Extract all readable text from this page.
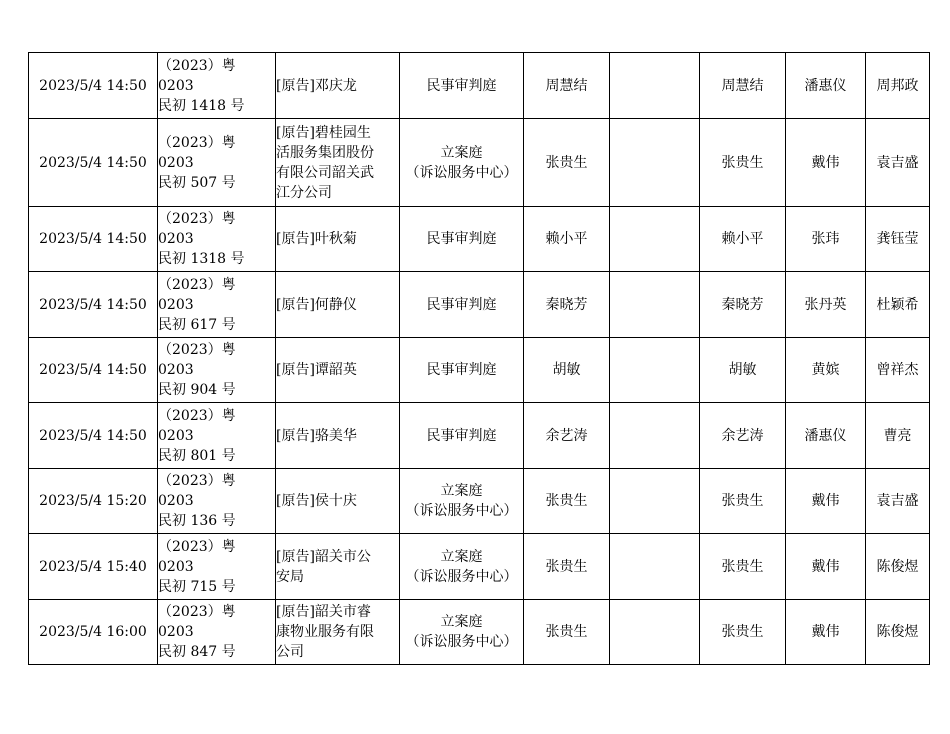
2023/5/4 14:50	（2023）粤 0203
民初 1418 号	[原告]邓庆龙	民事审判庭	周慧结		周慧结	潘惠仪	周邦政
2023/5/4 14:50	（2023）粤 0203
民初 507 号	[原告]碧桂园生
活服务集团股份
有限公司韶关武
江分公司	立案庭
（诉讼服务中心）	张贵生		张贵生	戴伟	袁吉盛
2023/5/4 14:50	（2023）粤 0203
民初 1318 号	[原告]叶秋菊	民事审判庭	赖小平		赖小平	张玮	龚钰莹
2023/5/4 14:50	（2023）粤 0203
民初 617 号	[原告]何静仪	民事审判庭	秦晓芳		秦晓芳	张丹英	杜颖希
2023/5/4 14:50	（2023）粤 0203
民初 904 号	[原告]谭韶英	民事审判庭	胡敏		胡敏	黄嫔	曾祥杰
2023/5/4 14:50	（2023）粤 0203
民初 801 号	[原告]骆美华	民事审判庭	余艺涛		余艺涛	潘惠仪	曹亮
2023/5/4 15:20	（2023）粤 0203
民初 136 号	[原告]侯十庆	立案庭
（诉讼服务中心）	张贵生		张贵生	戴伟	袁吉盛
2023/5/4 15:40	（2023）粤 0203
民初 715 号	[原告]韶关市公
安局	立案庭
（诉讼服务中心）	张贵生		张贵生	戴伟	陈俊煜
2023/5/4 16:00	（2023）粤 0203
民初 847 号	[原告]韶关市睿
康物业服务有限
公司	立案庭
（诉讼服务中心）	张贵生		张贵生	戴伟	陈俊煜
